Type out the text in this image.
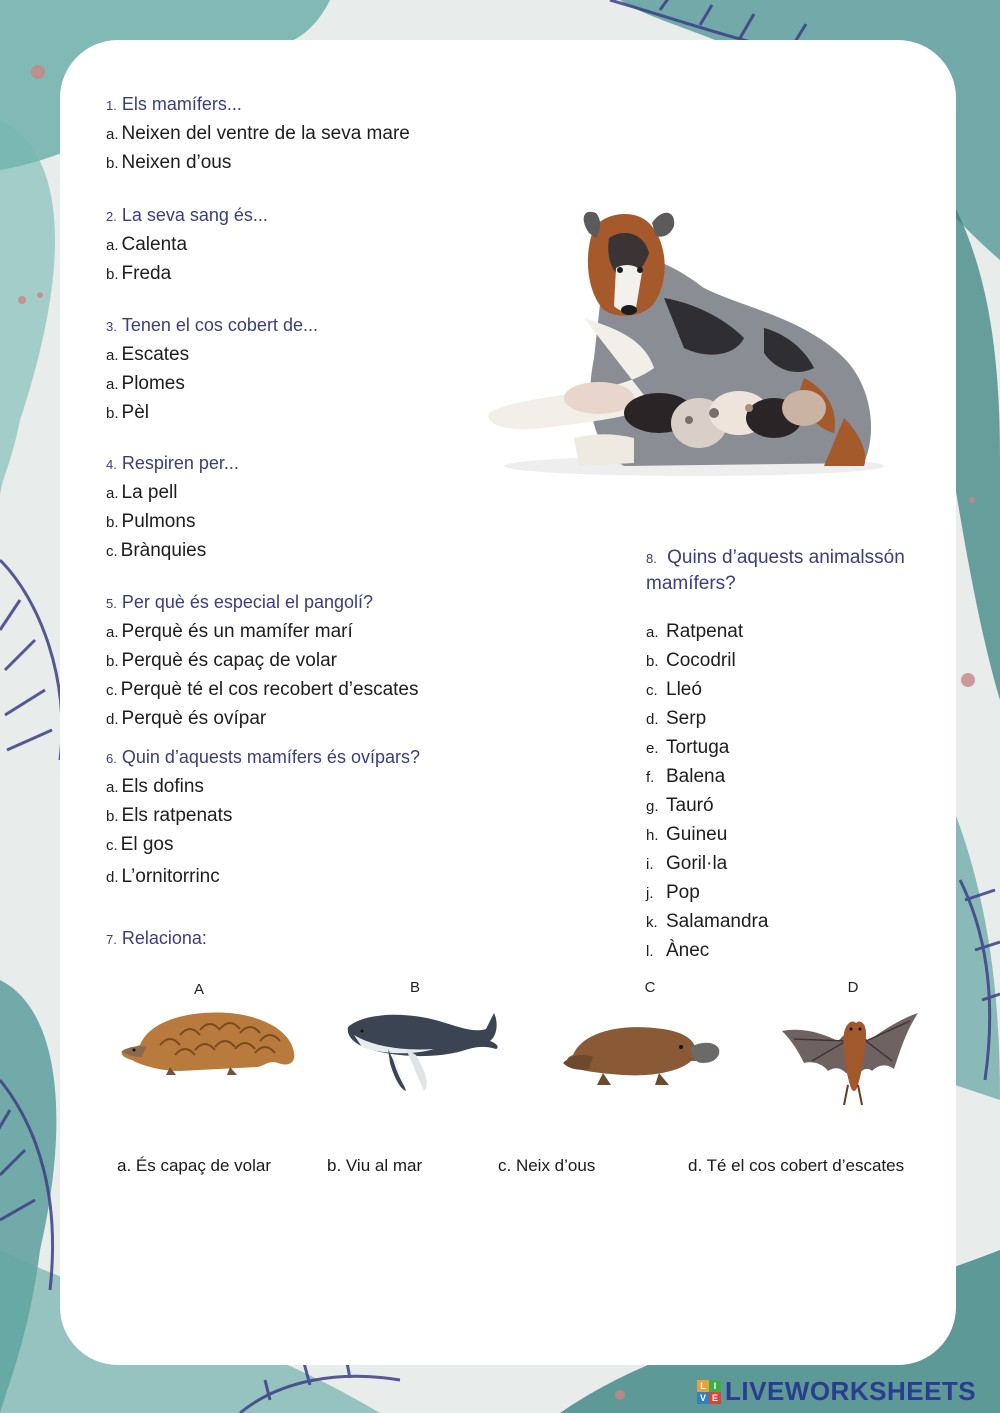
1. Els mamífers...
a. Neixen del ventre de la seva mare
b. Neixen d’ous
2. La seva sang és...
a. Calenta
b. Freda
3. Tenen el cos cobert de...
a. Escates
a. Plomes
b. Pèl
4. Respiren per...
a. La pell
b. Pulmons
c. Brànquies
5. Per què és especial el pangolí?
a. Perquè és un mamífer marí
b. Perquè és capaç de volar
c. Perquè té el cos recobert d’escates
d. Perquè és ovípar
6. Quin d’aquests mamífers és ovípars?
a. Els dofins
b. Els ratpenats
c. El gos
d. L’ornitorrinc
7. Relaciona:
8. Quins d’aquests animalssón mamífers?
a. Ratpenat
b. Cocodril
c. Lleó
d. Serp
e. Tortuga
f. Balena
g. Tauró
h. Guineu
i. Goril·la
j. Pop
k. Salamandra
l. Ànec
A	B	C	D
a. És capaç de volar	b. Viu al mar	c. Neix d’ous	d. Té el cos cobert d’escates
L I
V E LIVEWORKSHEETS
